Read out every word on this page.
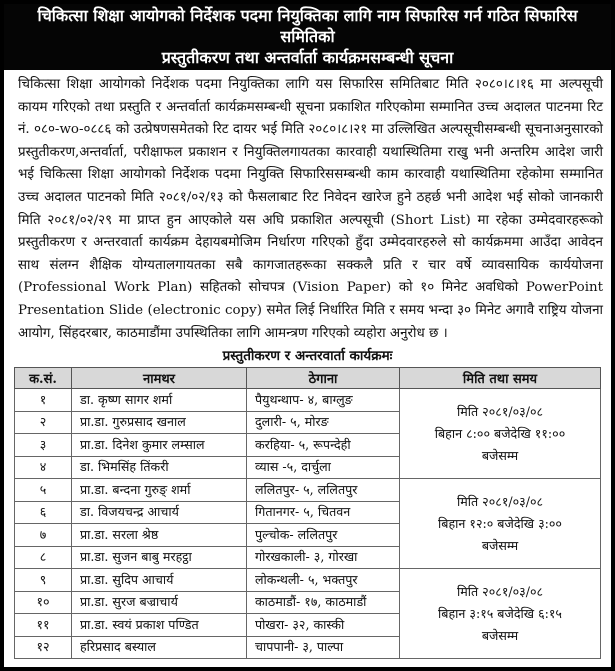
चिकित्सा शिक्षा आयोगको निर्देशक पदमा नियुक्तिका लागि नाम सिफारिस गर्न गठित सिफारिस समितिको
प्रस्तुतीकरण तथा अन्तर्वार्ता कार्यक्रमसम्बन्धी सूचना
चिकित्सा शिक्षा आयोगको निर्देशक पदमा नियुक्तिका लागि यस सिफारिस समितिबाट मिति २०८०।८।१६ मा अल्पसूची कायम गरिएको तथा प्रस्तुति र अन्तर्वार्ता कार्यक्रमसम्बन्धी सूचना प्रकाशित गरिएकोमा सम्मानित उच्च अदालत पाटनमा रिट नं. ०८०-wo-०८८६ को उत्प्रेषणसमेतको रिट दायर भई मिति २०८०।८।२१ मा उल्लिखित अल्पसूचीसम्बन्धी सूचनाअनुसारको प्रस्तुतीकरण,अन्तर्वार्ता, परीक्षाफल प्रकाशन र नियुक्तिलगायतका कारवाही यथास्थितिमा राखु भनी अन्तरिम आदेश जारी भई चिकित्सा शिक्षा आयोगको निर्देशक पदमा नियुक्ति सिफारिससम्बन्धी काम कारवाही यथास्थितिमा रहेकोमा सम्मानित उच्च अदालत पाटनको मिति २०८१/०२/१३ को फैसलाबाट रिट निवेदन खारेज हुने ठहर्छ भनी आदेश भई सोको जानकारी मिति २०८१/०२/२९ मा प्राप्त हुन आएकोले यस अघि प्रकाशित अल्पसूची (Short List) मा रहेका उम्मेदवारहरूको प्रस्तुतीकरण र अन्तरवार्ता कार्यक्रम देहायबमोजिम निर्धारण गरिएको हुँदा उम्मेदवारहरुले सो कार्यक्रममा आउँदा आवेदन साथ संलग्न शैक्षिक योग्यतालगायतका सबै कागजातहरूका सक्कलै प्रति र चार वर्षे व्यावसायिक कार्ययोजना (Professional Work Plan) सहितको सोचपत्र (Vision Paper) को १० मिनेट अवधिको PowerPoint Presentation Slide (electronic copy) समेत लिई निर्धारित मिति र समय भन्दा ३० मिनेट अगावै राष्ट्रिय योजना आयोग, सिंहदरबार, काठमाडौंमा उपस्थितिका लागि आमन्त्रण गरिएको व्यहोरा अनुरोध छ ।
प्रस्तुतीकरण र अन्तरवार्ता कार्यक्रमः
क.सं.	नामथर	ठेगाना	मिति तथा समय
१	डा. कृष्ण सागर शर्मा	पैयुथन्थाप- ४, बाग्लुङ	मिति २०८१/०३/०८
बिहान ८:०० बजेदेखि ११:००
बजेसम्म

२	प्रा.डा. गुरुप्रसाद खनाल	दुलारी- ५, मोरङ	
३	प्रा.डा. दिनेश कुमार लम्साल	करहिया- ५, रूपन्देही	
४	डा. भिमसिंह तिंकरी	व्यास -५, दार्चुला	
५	प्रा.डा. बन्दना गुरुङ् शर्मा	ललितपुर- ५, ललितपुर	मिति २०८१/०३/०८
बिहान १२:० बजेदेखि ३:००
बजेसम्म

६	डा. विजयचन्द्र आचार्य	गितानगर- ५, चितवन	
७	प्रा.डा. सरला श्रेष्ठ	पुल्चोक- ललितपुर	
८	प्रा.डा. सुजन बाबु मरहट्ठा	गोरखकाली- ३, गोरखा	
९	प्रा.डा. सुदिप आचार्य	लोकन्थली- ५, भक्तपुर	मिति २०८१/०३/०८
बिहान ३:१५ बजेदेखि ६:१५
बजेसम्म

१०	प्रा.डा. सुरज बज्राचार्य	काठमाडौं- १७, काठमाडौं	
११	प्रा.डा. स्वयं प्रकाश पण्डित	पोखरा- ३२, कास्की	
१२	हरिप्रसाद बस्याल	चापपानी- ३, पाल्पा	
